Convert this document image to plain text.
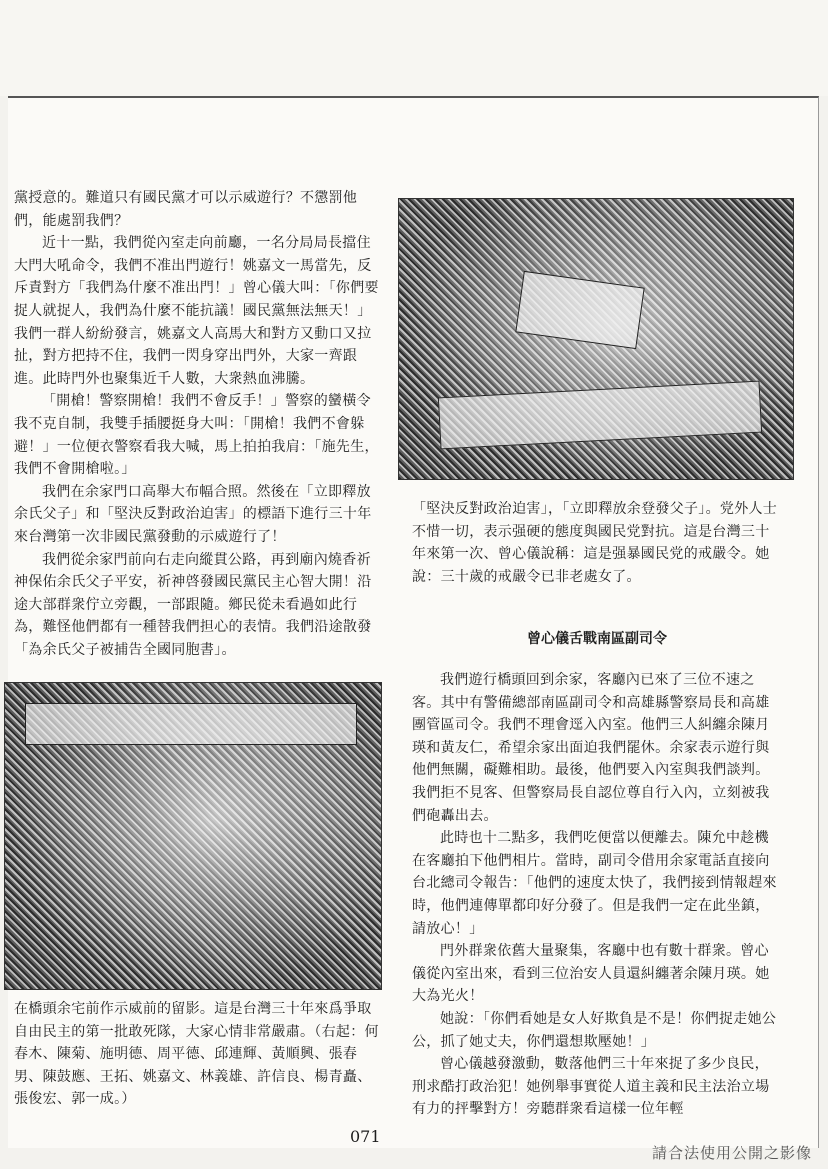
黨授意的。難道只有國民黨才可以示威遊行？不懲罰他們，能處罰我們？

近十一點，我們從內室走向前廳，一名分局局長擋住大門大吼命令，我們不准出門遊行！姚嘉文一馬當先，反斥責對方「我們為什麼不准出門！」曾心儀大叫：「你們要捉人就捉人，我們為什麼不能抗議！國民黨無法無天！」我們一群人紛紛發言，姚嘉文人高馬大和對方又動口又拉扯，對方把持不住，我們一閃身穿出門外，大家一齊跟進。此時門外也聚集近千人數，大衆熱血沸騰。

「開槍！警察開槍！我們不會反手！」警察的蠻橫令我不克自制，我雙手插腰挺身大叫：「開槍！我們不會躲避！」一位便衣警察看我大喊，馬上拍拍我肩：「施先生，我們不會開槍啦。」

我們在余家門口高舉大布幅合照。然後在「立即釋放余氏父子」和「堅決反對政治迫害」的標語下進行三十年來台灣第一次非國民黨發動的示威遊行了！

我們從余家門前向右走向縱貫公路，再到廟內燒香祈神保佑余氏父子平安，祈神啓發國民黨民主心智大開！沿途大部群衆佇立旁觀，一部跟隨。鄉民從未看過如此行為，難怪他們都有一種替我們担心的表情。我們沿途散發「為余氏父子被捕告全國同胞書」。

「堅決反對政治迫害」，「立即釋放余登發父子」。党外人士不惜一切，表示强硬的態度與國民党對抗。這是台灣三十年來第一次、曾心儀說稱：這是强暴國民党的戒嚴令。她說：三十歲的戒嚴令已非老處女了。

曾心儀舌戰南區副司令

我們遊行橋頭回到余家，客廳內已來了三位不速之客。其中有警備總部南區副司令和高雄縣警察局長和高雄團管區司令。我們不理會逕入內室。他們三人糾纏余陳月瑛和黃友仁，希望余家出面迫我們罷休。余家表示遊行與他們無關，礙難相助。最後，他們要入內室與我們談判。我們拒不見客、但警察局長自認位尊自行入內，立刻被我們砲轟出去。

此時也十二點多，我們吃便當以便離去。陳允中趁機在客廳拍下他們相片。當時，副司令借用余家電話直接向台北總司令報告：「他們的速度太快了，我們接到情報趕來時，他們連傳單都印好分發了。但是我們一定在此坐鎮，請放心！」

門外群衆依舊大量聚集，客廳中也有數十群衆。曾心儀從內室出來，看到三位治安人員還糾纏著余陳月瑛。她大為光火！

她說：「你們看她是女人好欺負是不是！你們捉走她公公，抓了她丈夫，你們還想欺壓她！」

曾心儀越發激動，數落他們三十年來捉了多少良民，刑求酷打政治犯！她例舉事實從人道主義和民主法治立場有力的抨擊對方！旁聽群衆看這樣一位年輕

在橋頭余宅前作示威前的留影。這是台灣三十年來爲爭取自由民主的第一批敢死隊，大家心情非常嚴肅。（右起：何春木、陳菊、施明德、周平德、邱連輝、黃順興、張春男、陳鼓應、王拓、姚嘉文、林義雄、許信良、楊青矗、張俊宏、郭一成。）

071
請合法使用公開之影像
